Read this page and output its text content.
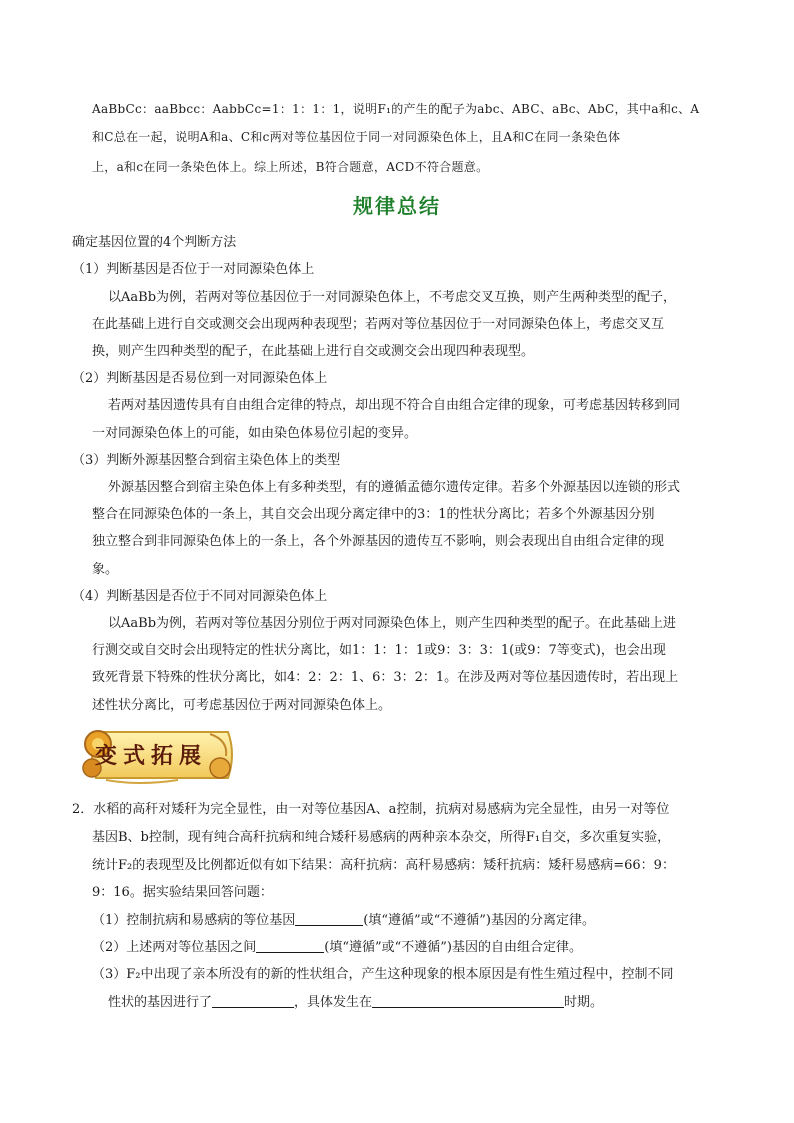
AaBbCc：aaBbcc：AabbCc=1：1：1：1，说明F₁的产生的配子为abc、ABC、aBc、AbC，其中a和c、A
和C总在一起，说明A和a、C和c两对等位基因位于同一对同源染色体上，且A和C在同一条染色体
上，a和c在同一条染色体上。综上所述，B符合题意，ACD不符合题意。
规律总结
确定基因位置的4个判断方法
（1）判断基因是否位于一对同源染色体上
以AaBb为例，若两对等位基因位于一对同源染色体上，不考虑交叉互换，则产生两种类型的配子，
在此基础上进行自交或测交会出现两种表现型；若两对等位基因位于一对同源染色体上，考虑交叉互
换，则产生四种类型的配子，在此基础上进行自交或测交会出现四种表现型。
（2）判断基因是否易位到一对同源染色体上
若两对基因遗传具有自由组合定律的特点，却出现不符合自由组合定律的现象，可考虑基因转移到同
一对同源染色体上的可能，如由染色体易位引起的变异。
（3）判断外源基因整合到宿主染色体上的类型
外源基因整合到宿主染色体上有多种类型，有的遵循孟德尔遗传定律。若多个外源基因以连锁的形式
整合在同源染色体的一条上，其自交会出现分离定律中的3：1的性状分离比；若多个外源基因分别
独立整合到非同源染色体上的一条上，各个外源基因的遗传互不影响，则会表现出自由组合定律的现
象。
（4）判断基因是否位于不同对同源染色体上
以AaBb为例，若两对等位基因分别位于两对同源染色体上，则产生四种类型的配子。在此基础上进
行测交或自交时会出现特定的性状分离比，如1：1：1：1或9：3：3：1(或9：7等变式)，也会出现
致死背景下特殊的性状分离比，如4：2：2：1、6：3：2：1。在涉及两对等位基因遗传时，若出现上
述性状分离比，可考虑基因位于两对同源染色体上。
变式拓展
2．水稻的高秆对矮秆为完全显性，由一对等位基因A、a控制，抗病对易感病为完全显性，由另一对等位
基因B、b控制，现有纯合高秆抗病和纯合矮秆易感病的两种亲本杂交，所得F₁自交，多次重复实验，
统计F₂的表现型及比例都近似有如下结果：高秆抗病：高秆易感病：矮秆抗病：矮秆易感病=66：9：
9：16。据实验结果回答问题：
（1）控制抗病和易感病的等位基因	(填“遵循”或“不遵循”)基因的分离定律。
（2）上述两对等位基因之间	(填“遵循”或“不遵循”)基因的自由组合定律。
（3）F₂中出现了亲本所没有的新的性状组合，产生这种现象的根本原因是有性生殖过程中，控制不同
性状的基因进行了	，具体发生在	时期。
